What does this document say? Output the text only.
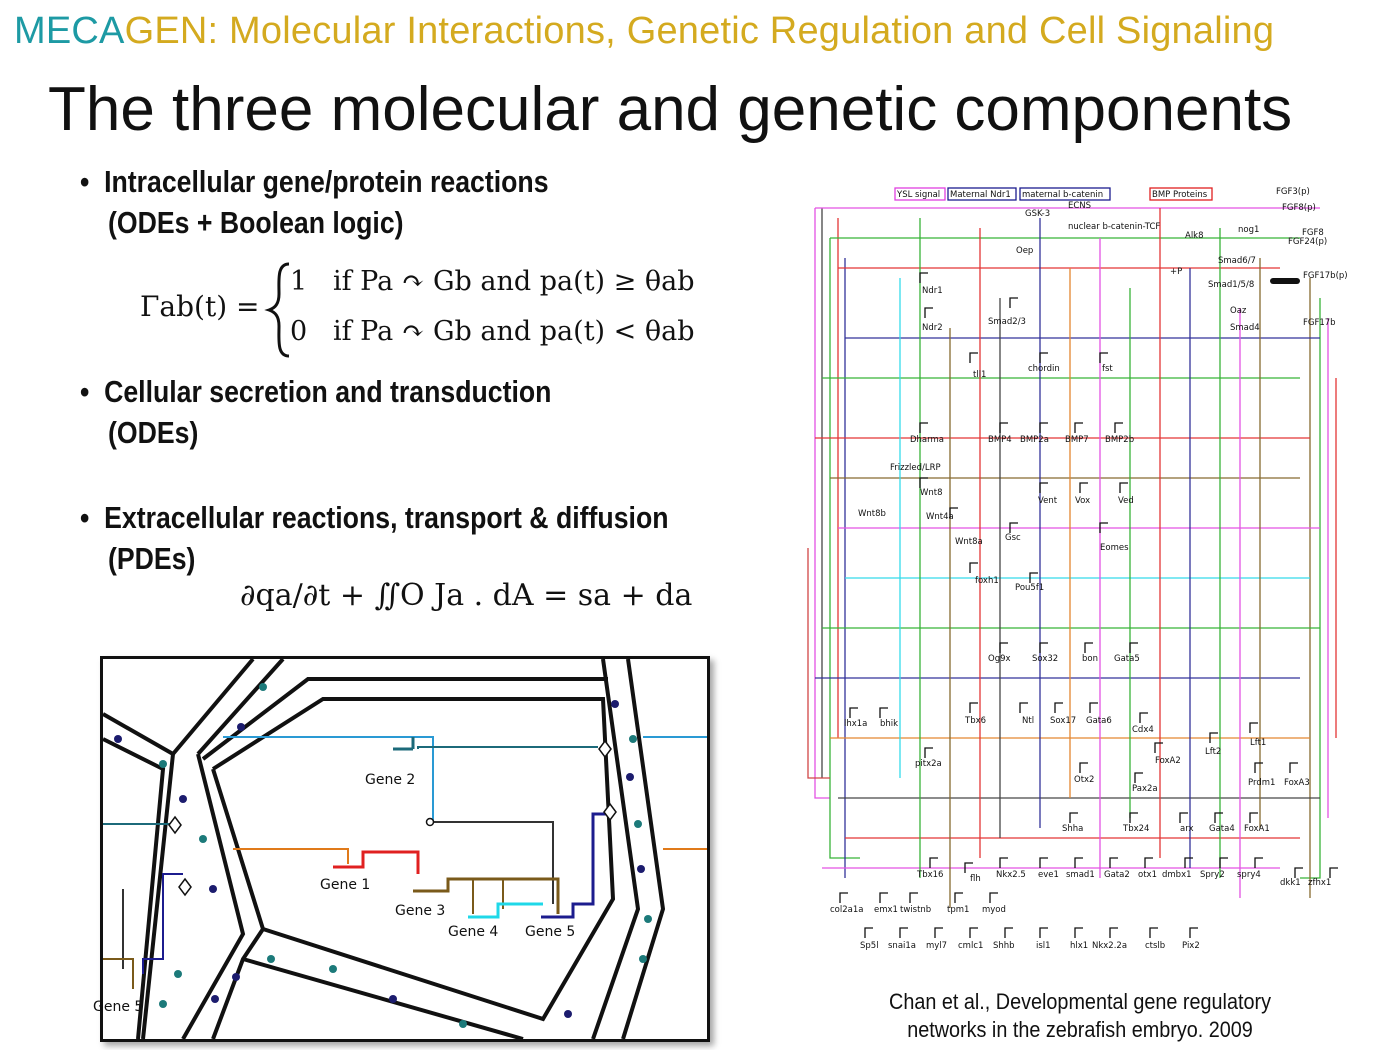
MECAGEN: Molecular Interactions, Genetic Regulation and Cell Signaling
The three molecular and genetic components
• Intracellular gene/protein reactions
(ODEs + Boolean logic)
Γab(t) =
1 if Pa ↷ Gb and pa(t) ≥ θab
0 if Pa ↷ Gb and pa(t) < θab
• Cellular secretion and transduction
(ODEs)
• Extracellular reactions, transport & diffusion
(PDEs)
∂qa/∂t + ∬O Ja . dA = sa + da
Gene 2
Gene 1
Gene 3
Gene 4 Gene 5
Gene 5
YSL signal Maternal Ndr1 maternal b-catenin	BMP Proteins
ECNS
GSK-3
nuclear b-catenin-TCF
Oep
Alk8
nog1
FGF3(p)
FGF8(p)
FGF8
FGF24(p)
FGF17b(p)
FGF17b
Smad6/7
+P
Smad1/5/8
Oaz
Smad4
Ndr1
Ndr2
Smad2/3
tll1
chordin	fst
Dharma	BMP4 BMP2a BMP7 BMP2b
Frizzled/LRP
Wnt8
Wnt8b	Wnt4a
Wnt8a	Gsc
Vent Vox	Ved
Eomes
foxh1
Pou5f1
Og9x	Sox32	bon Gata5
lhx1a bhik	Tbx6	Ntl Sox17 Gata6
Cdx4
Lft1
Lft2
FoxA2
pitx2a
Otx2	Prdm1 FoxA3
Pax2a
Shha	Tbx24	arx Gata4 FoxA1
Tbx16	flh Nkx2.5 eve1 smad1 Gata2 otx1 dmbx1 Spry2 spry4
dkk1 zfhx1
col2a1a emx1 twistnb tpm1 myod
Sp5l snai1a myl7 cmlc1 Shhb	isl1 hlx1 Nkx2.2a ctslb Pix2
Chan et al., Developmental gene regulatory
networks in the zebrafish embryo. 2009
